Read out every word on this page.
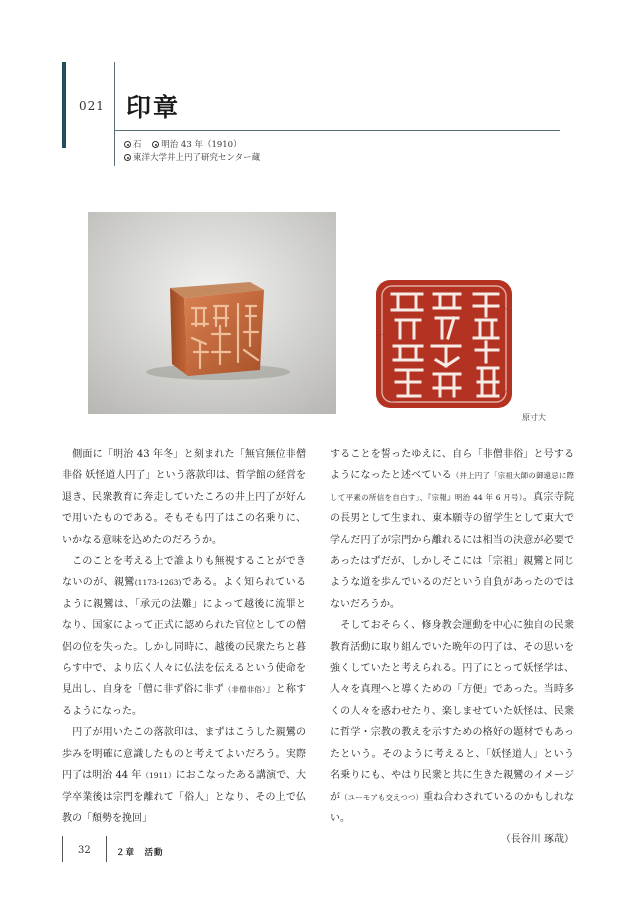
021 印章
石 明治 43 年（1910）
東洋大学井上円了研究センター蔵
原寸大

　側面に「明治 43 年冬」と刻まれた「無官無位非僧非俗 妖怪道人円了」という落款印は、哲学館の経営を退き、民衆教育に奔走していたころの井上円了が好んで用いたものである。そもそも円了はこの名乗りに、いかなる意味を込めたのだろうか。

　このことを考える上で誰よりも無視することができないのが、親鸞(1173-1263)である。よく知られているように親鸞は、「承元の法難」によって越後に流罪となり、国家によって正式に認められた官位としての僧侶の位を失った。しかし同時に、越後の民衆たちと暮らす中で、より広く人々に仏法を伝えるという使命を見出し、自身を「僧に非ず俗に非ず（非僧非俗）」と称するようになった。

　円了が用いたこの落款印は、まずはこうした親鸞の歩みを明確に意識したものと考えてよいだろう。実際円了は明治 44 年（1911）におこなったある講演で、大学卒業後は宗門を離れて「俗人」となり、その上で仏教の「頽勢を挽回」

することを誓ったゆえに、自ら「非僧非俗」と号するようになったと述べている（井上円了「宗祖大師の御遠忌に際して平素の所信を自白す」、『宗報』明治 44 年 6 月号）。真宗寺院の長男として生まれ、東本願寺の留学生として東大で学んだ円了が宗門から離れるには相当の決意が必要であったはずだが、しかしそこには「宗祖」親鸞と同じような道を歩んでいるのだという自負があったのではないだろうか。

　そしておそらく、修身教会運動を中心に独自の民衆教育活動に取り組んでいた晩年の円了は、その思いを強くしていたと考えられる。円了にとって妖怪学は、人々を真理へと導くための「方便」であった。当時多くの人々を惑わせたり、楽しませていた妖怪は、民衆に哲学・宗教の教えを示すための格好の題材でもあったという。そのように考えると、「妖怪道人」という名乗りにも、やはり民衆と共に生きた親鸞のイメージが（ユーモアも交えつつ）重ね合わされているのかもしれない。

（長谷川 琢哉）

32	２章　活動
